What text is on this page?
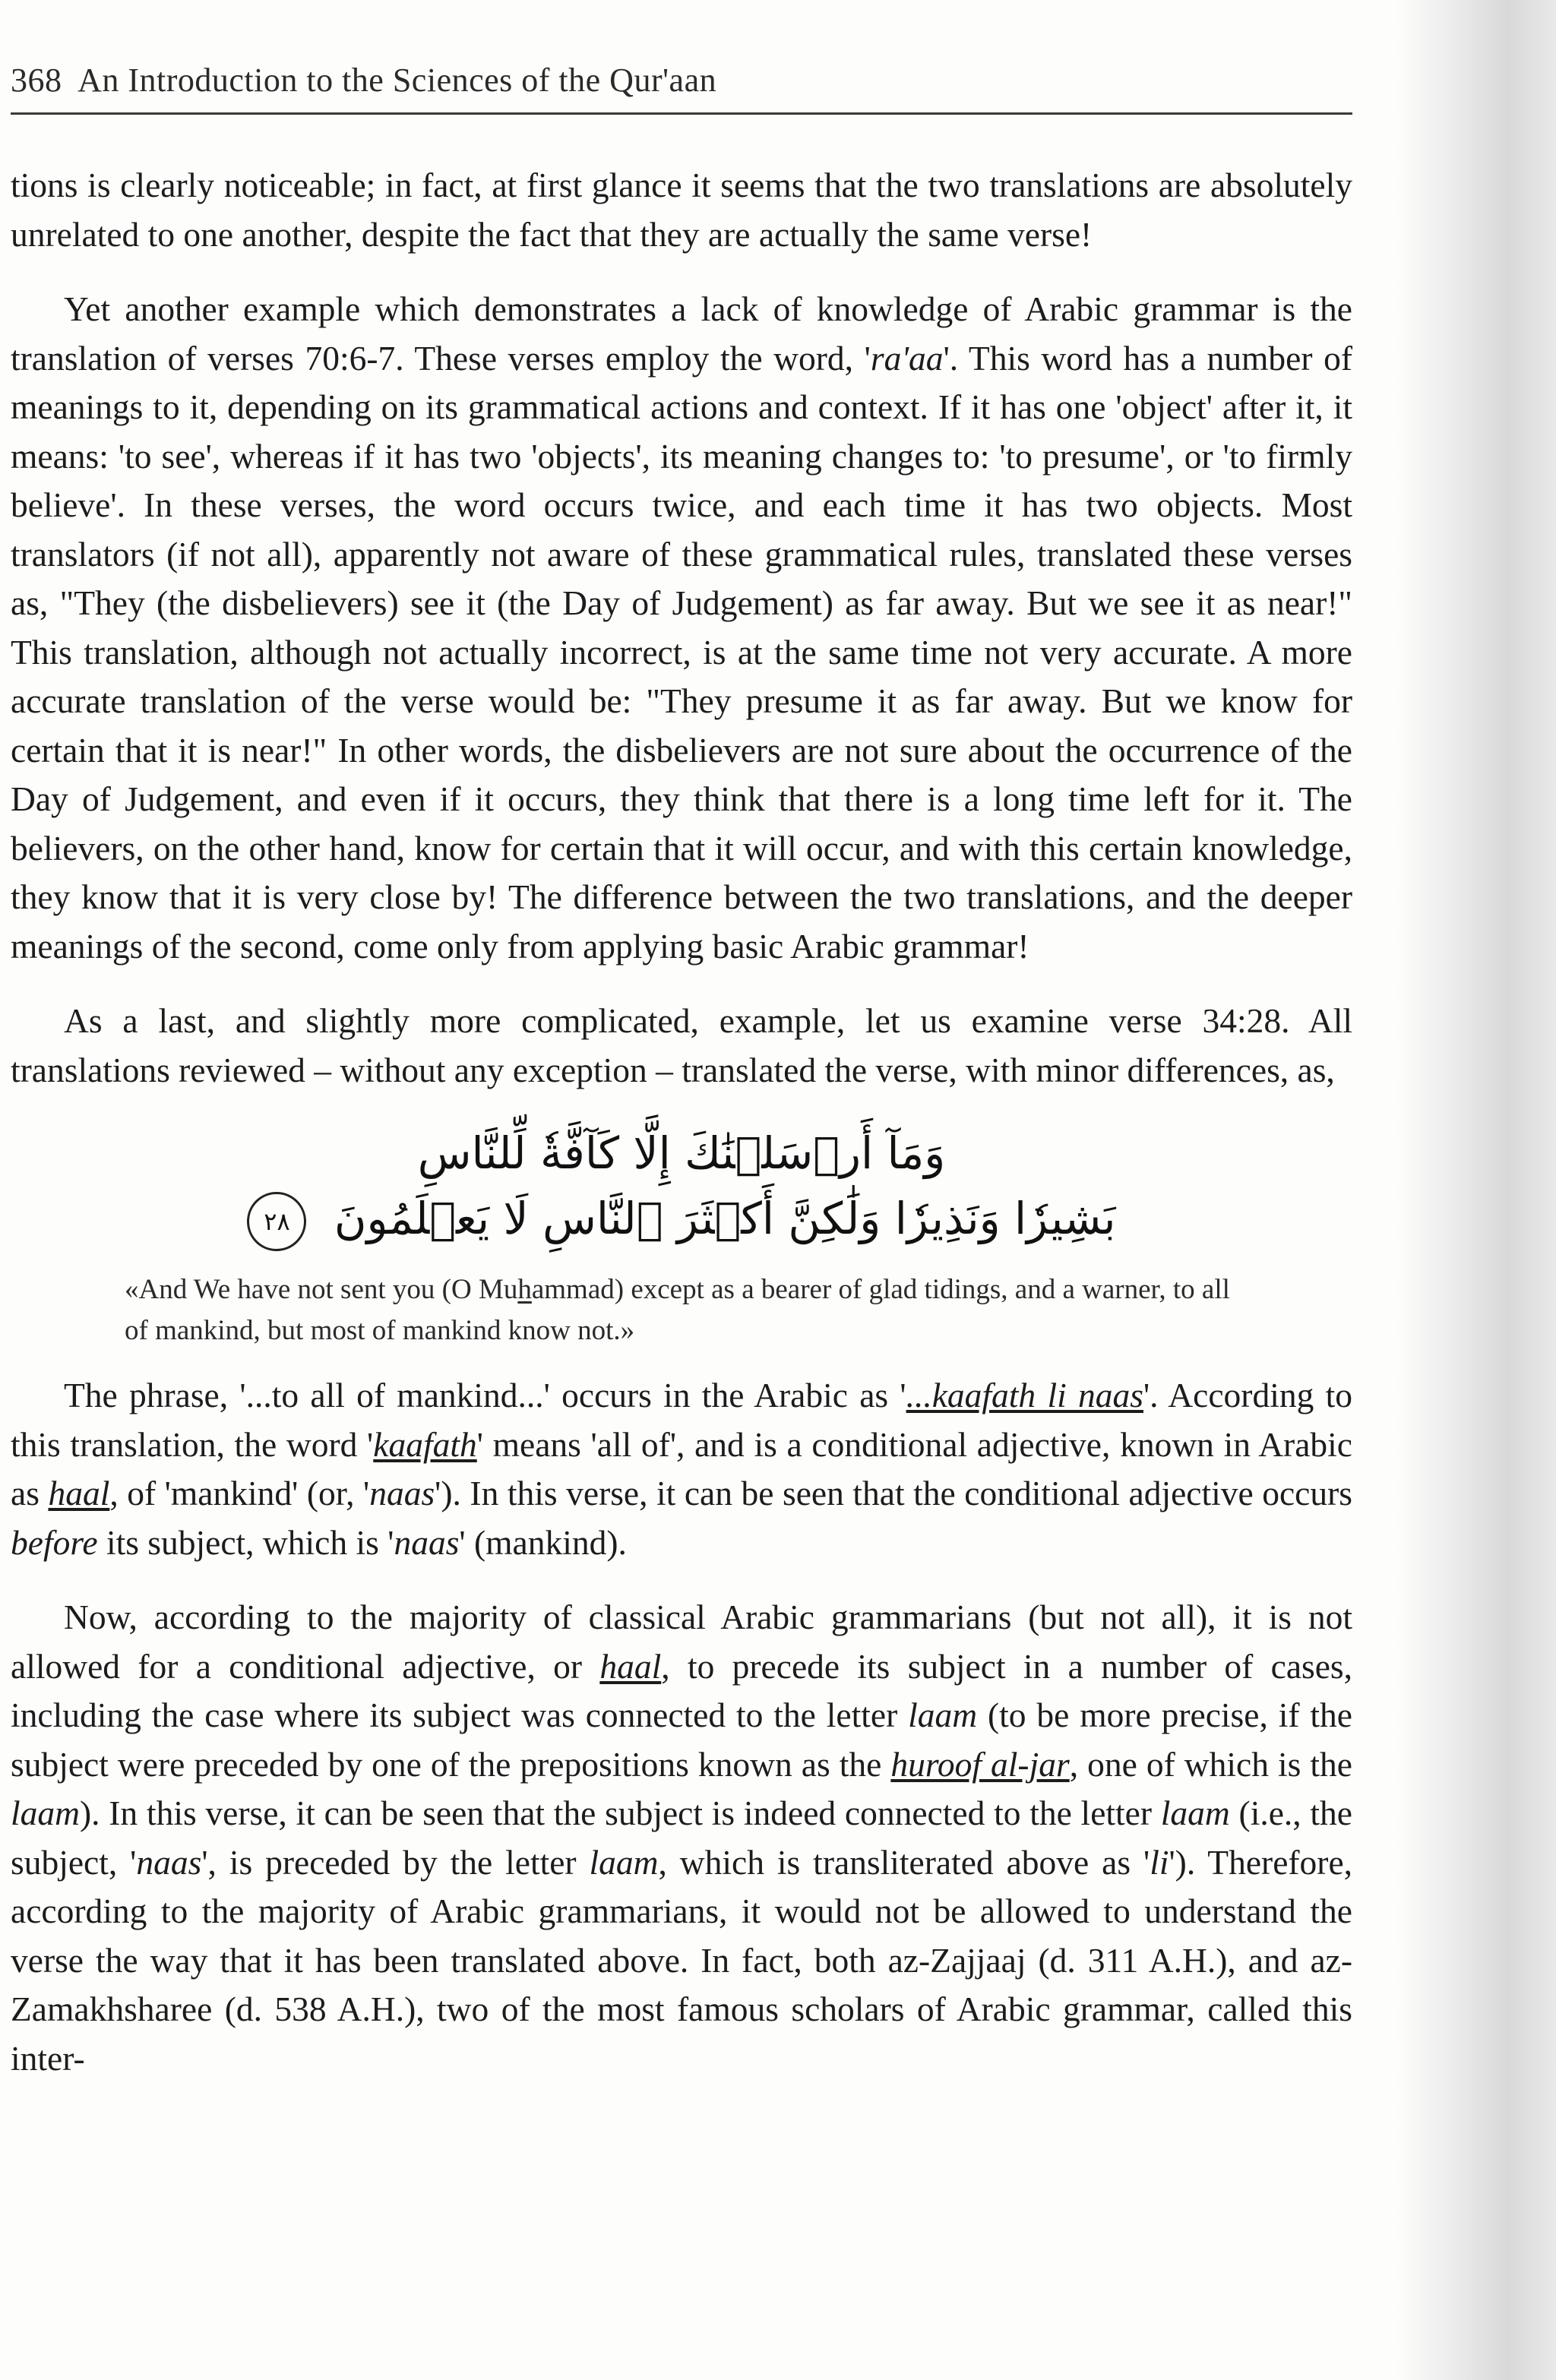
368 An Introduction to the Sciences of the Qur'aan

tions is clearly noticeable; in fact, at first glance it seems that the two translations are absolutely unrelated to one another, despite the fact that they are actually the same verse!

Yet another example which demonstrates a lack of knowledge of Arabic grammar is the translation of verses 70:6-7. These verses employ the word, 'ra'aa'. This word has a number of meanings to it, depending on its grammatical actions and context. If it has one 'object' after it, it means: 'to see', whereas if it has two 'objects', its meaning changes to: 'to presume', or 'to firmly believe'. In these verses, the word occurs twice, and each time it has two objects. Most translators (if not all), apparently not aware of these grammatical rules, translated these verses as, "They (the disbelievers) see it (the Day of Judgement) as far away. But we see it as near!" This translation, although not actually incorrect, is at the same time not very accurate. A more accurate translation of the verse would be: "They presume it as far away. But we know for certain that it is near!" In other words, the disbelievers are not sure about the occurrence of the Day of Judgement, and even if it occurs, they think that there is a long time left for it. The believers, on the other hand, know for certain that it will occur, and with this certain knowledge, they know that it is very close by! The difference between the two translations, and the deeper meanings of the second, come only from applying basic Arabic grammar!

As a last, and slightly more complicated, example, let us examine verse 34:28. All translations reviewed – without any exception – translated the verse, with minor differences, as,

وَمَآ أَرۡسَلۡنَٰكَ إِلَّا كَآفَّةٗ لِّلنَّاسِ
بَشِيرٗا وَنَذِيرٗا وَلَٰكِنَّ أَكۡثَرَ ٱلنَّاسِ لَا يَعۡلَمُونَ ٢٨
«And We have not sent you (O Muhammad) except as a bearer of glad tidings, and a warner, to all of mankind, but most of mankind know not.»

The phrase, '...to all of mankind...' occurs in the Arabic as '...kaafath li naas'. According to this translation, the word 'kaafath' means 'all of', and is a conditional adjective, known in Arabic as haal, of 'mankind' (or, 'naas'). In this verse, it can be seen that the conditional adjective occurs before its subject, which is 'naas' (mankind).

Now, according to the majority of classical Arabic grammarians (but not all), it is not allowed for a conditional adjective, or haal, to precede its subject in a number of cases, including the case where its subject was connected to the letter laam (to be more precise, if the subject were preceded by one of the prepositions known as the huroof al-jar, one of which is the laam). In this verse, it can be seen that the subject is indeed connected to the letter laam (i.e., the subject, 'naas', is preceded by the letter laam, which is transliterated above as 'li'). Therefore, according to the majority of Arabic grammarians, it would not be allowed to understand the verse the way that it has been translated above. In fact, both az-Zajjaaj (d. 311 A.H.), and az-Zamakhsharee (d. 538 A.H.), two of the most famous scholars of Arabic grammar, called this inter-
